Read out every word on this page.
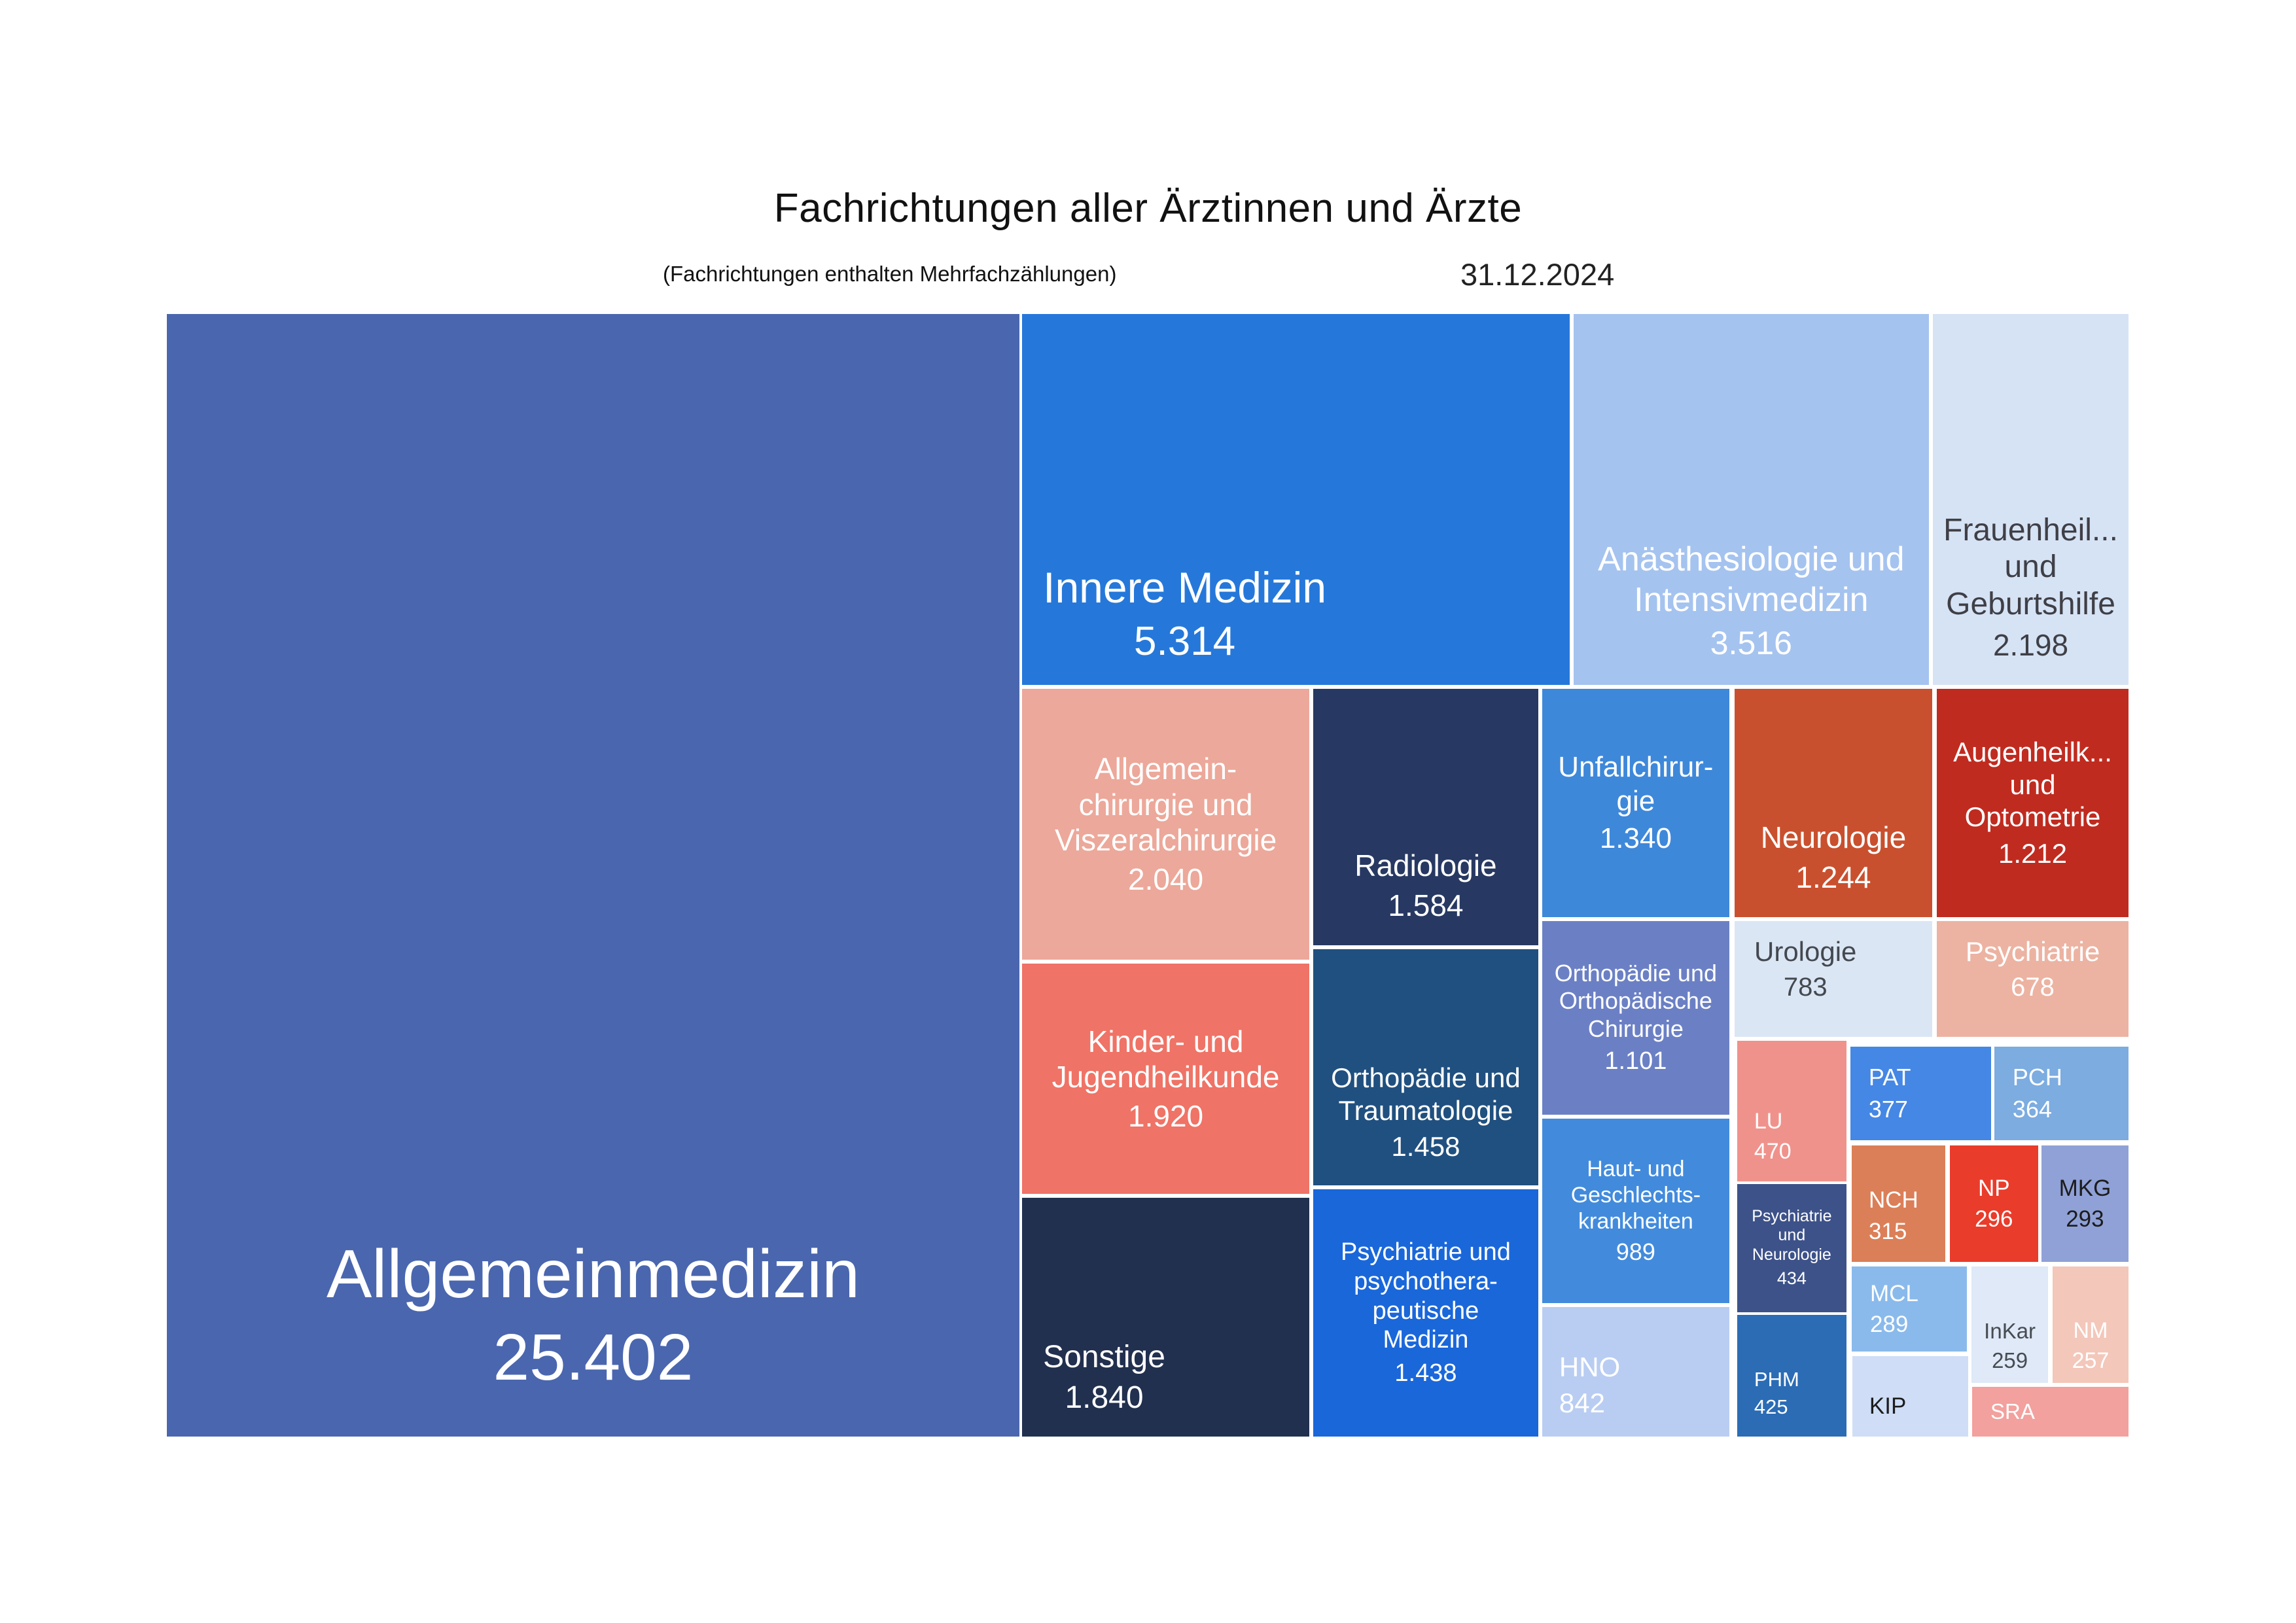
Fachrichtungen aller Ärztinnen und Ärzte
(Fachrichtungen enthalten Mehrfachzählungen)	31.12.2024
Allgemeinmedizin
25.402
Innere Medizin
5.314
Anästhesiologie und
Intensivmedizin
3.516
Frauenheil...
und
Geburtshilfe
2.198
Allgemein-
chirurgie und
Viszeralchirurgie
2.040	Radiologie
1.584
Unfallchirur-
gie
1.340	Neurologie
1.244
Augenheilk...
und
Optometrie
1.212
Kinder- und
Jugendheilkunde
1.920
Orthopädie und
Traumatologie
1.458
Orthopädie und
Orthopädische
Chirurgie
1.101
Urologie
783
Psychiatrie
678
Sonstige
1.840
Psychiatrie und
psychothera-
peutische
Medizin
1.438
Haut- und
Geschlechts-
krankheiten
989
HNO
842
LU
470
Psychiatrie
und
Neurologie
434
PHM
425
PAT
377
PCH
364
NCH
315
NP
296
MKG
293
MCL
289	InKar
259
NM
257
KIP	SRA
